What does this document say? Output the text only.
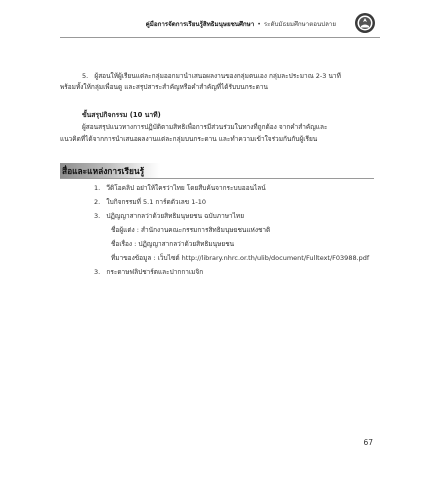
คู่มือการจัดการเรียนรู้สิทธิมนุษยชนศึกษา • ระดับมัธยมศึกษาตอนปลาย
5. ผู้สอนให้ผู้เรียนแต่ละกลุ่มออกมานำเสนอผลงานของกลุ่มตนเอง กลุ่มละประมาณ 2-3 นาที
พร้อมทั้งให้กลุ่มเพื่อนดู และสรุปสาระสำคัญหรือคำสำคัญที่ได้รับบนกระดาน
ขั้นสรุปกิจกรรม (10 นาที)
ผู้สอนสรุปแนวทางการปฏิบัติตามสิทธิเพื่อการมีส่วนร่วมในทางที่ถูกต้อง จากคำสำคัญและ
แนวคิดที่ได้จากการนำเสนอผลงานแต่ละกลุ่มบนกระดาน และทำความเข้าใจร่วมกันกับผู้เรียน
สื่อและแหล่งการเรียนรู้
1. วีดิโอคลิป อย่าให้ใครว่าไทย โดยสืบค้นจากระบบออนไลน์
2. ใบกิจกรรมที่ 5.1 การ์ดตัวเลข 1-10
3. ปฏิญญาสากลว่าด้วยสิทธิมนุษยชน ฉบับภาษาไทย
ชื่อผู้แต่ง : สำนักงานคณะกรรมการสิทธิมนุษยชนแห่งชาติ
ชื่อเรื่อง : ปฏิญญาสากลว่าด้วยสิทธิมนุษยชน
ที่มาของข้อมูล : เว็บไซต์ http://library.nhrc.or.th/ulib/document/Fulltext/F03988.pdf
3. กระดาษฟลิปชาร์ตและปากกาเมจิก
67
